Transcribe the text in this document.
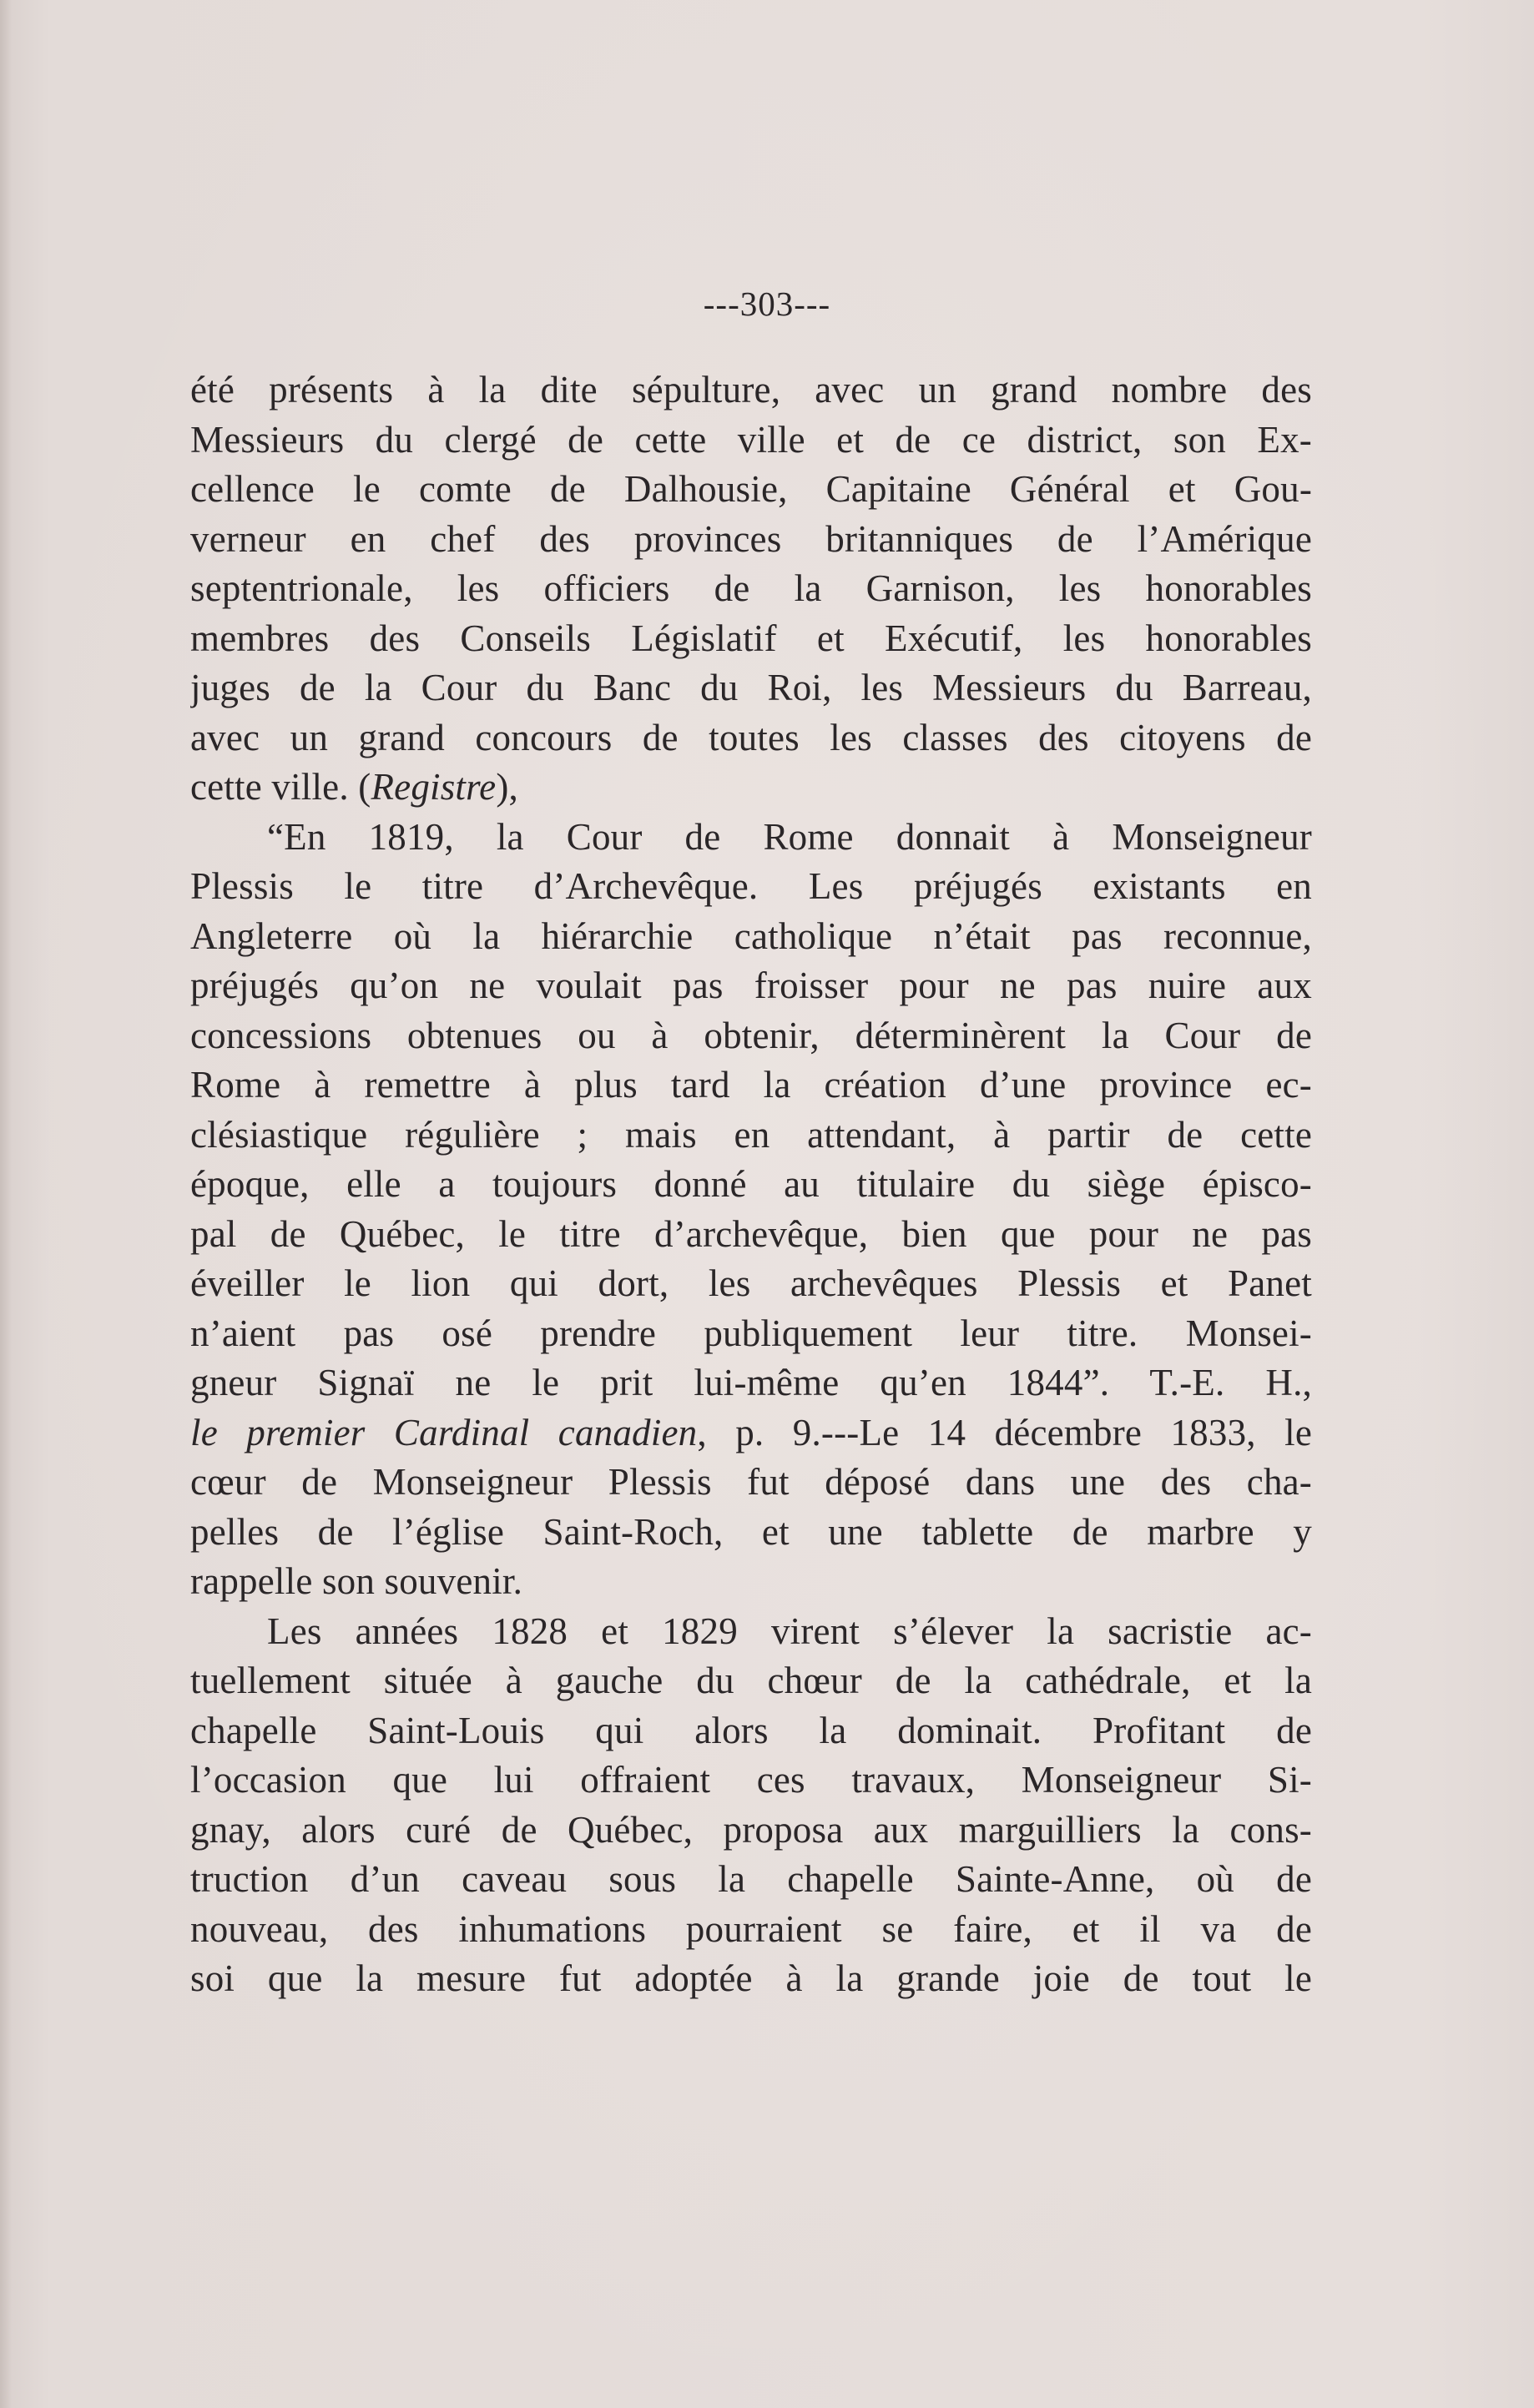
---303---
été présents à la dite sépulture, avec un grand nombre des
Messieurs du clergé de cette ville et de ce district, son Ex-
cellence le comte de Dalhousie, Capitaine Général et Gou-
verneur en chef des provinces britanniques de l’Amérique
septentrionale, les officiers de la Garnison, les honorables
membres des Conseils Législatif et Exécutif, les honorables
juges de la Cour du Banc du Roi, les Messieurs du Barreau,
avec un grand concours de toutes les classes des citoyens de
cette ville. (Registre),
“En 1819, la Cour de Rome donnait à Monseigneur
Plessis le titre d’Archevêque. Les préjugés existants en
Angleterre où la hiérarchie catholique n’était pas reconnue,
préjugés qu’on ne voulait pas froisser pour ne pas nuire aux
concessions obtenues ou à obtenir, déterminèrent la Cour de
Rome à remettre à plus tard la création d’une province ec-
clésiastique régulière ; mais en attendant, à partir de cette
époque, elle a toujours donné au titulaire du siège épisco-
pal de Québec, le titre d’archevêque, bien que pour ne pas
éveiller le lion qui dort, les archevêques Plessis et Panet
n’aient pas osé prendre publiquement leur titre. Monsei-
gneur Signaï ne le prit lui-même qu’en 1844”. T.-E. H.,
le premier Cardinal canadien, p. 9.---Le 14 décembre 1833, le
cœur de Monseigneur Plessis fut déposé dans une des cha-
pelles de l’église Saint-Roch, et une tablette de marbre y
rappelle son souvenir.
Les années 1828 et 1829 virent s’élever la sacristie ac-
tuellement située à gauche du chœur de la cathédrale, et la
chapelle Saint-Louis qui alors la dominait. Profitant de
l’occasion que lui offraient ces travaux, Monseigneur Si-
gnay, alors curé de Québec, proposa aux marguilliers la cons-
truction d’un caveau sous la chapelle Sainte-Anne, où de
nouveau, des inhumations pourraient se faire, et il va de
soi que la mesure fut adoptée à la grande joie de tout le
